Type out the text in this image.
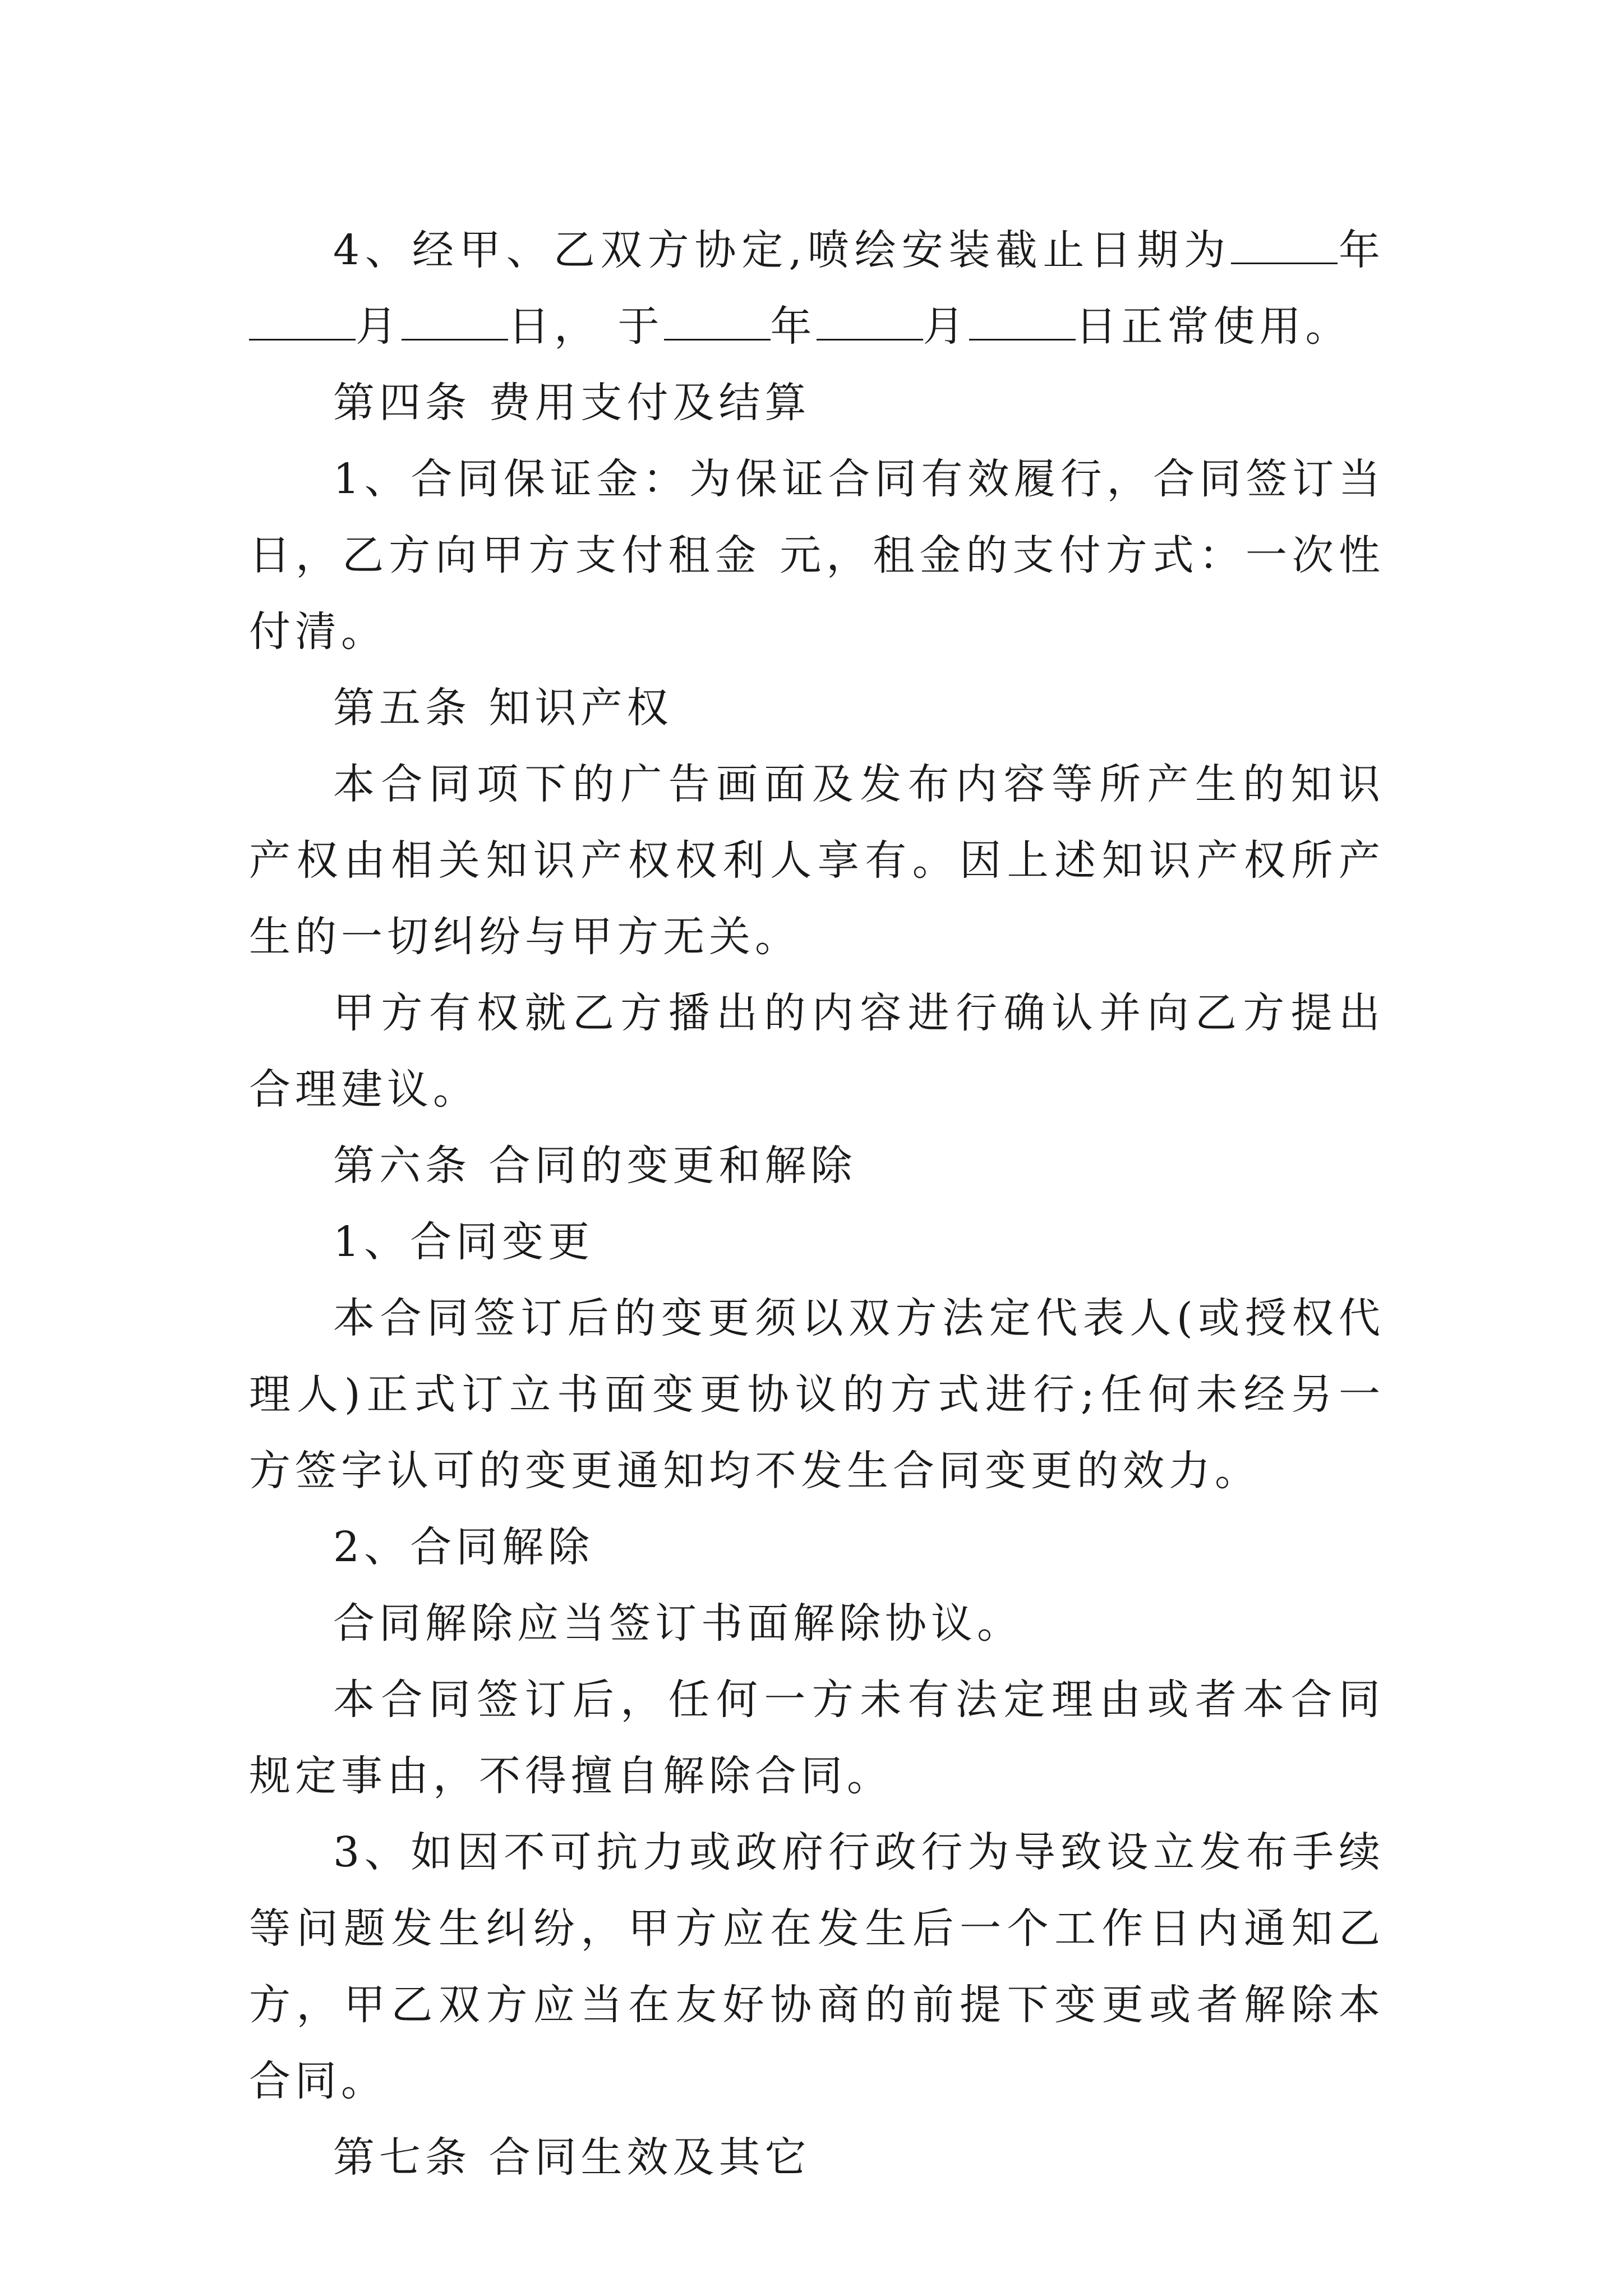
4、经甲、乙双方协定,喷绘安装截止日期为	年月	日， 于	年	月	日正常使用。

第四条 费用支付及结算

1、合同保证金：为保证合同有效履行，合同签订当日，乙方向甲方支付租金 元，租金的支付方式：一次性付清。

第五条 知识产权

本合同项下的广告画面及发布内容等所产生的知识产权由相关知识产权权利人享有。因上述知识产权所产生的一切纠纷与甲方无关。

甲方有权就乙方播出的内容进行确认并向乙方提出合理建议。

第六条 合同的变更和解除

1、合同变更

本合同签订后的变更须以双方法定代表人(或授权代理人)正式订立书面变更协议的方式进行;任何未经另一方签字认可的变更通知均不发生合同变更的效力。

2、合同解除

合同解除应当签订书面解除协议。

本合同签订后，任何一方未有法定理由或者本合同规定事由，不得擅自解除合同。

3、如因不可抗力或政府行政行为导致设立发布手续等问题发生纠纷，甲方应在发生后一个工作日内通知乙方，甲乙双方应当在友好协商的前提下变更或者解除本合同。

第七条 合同生效及其它
